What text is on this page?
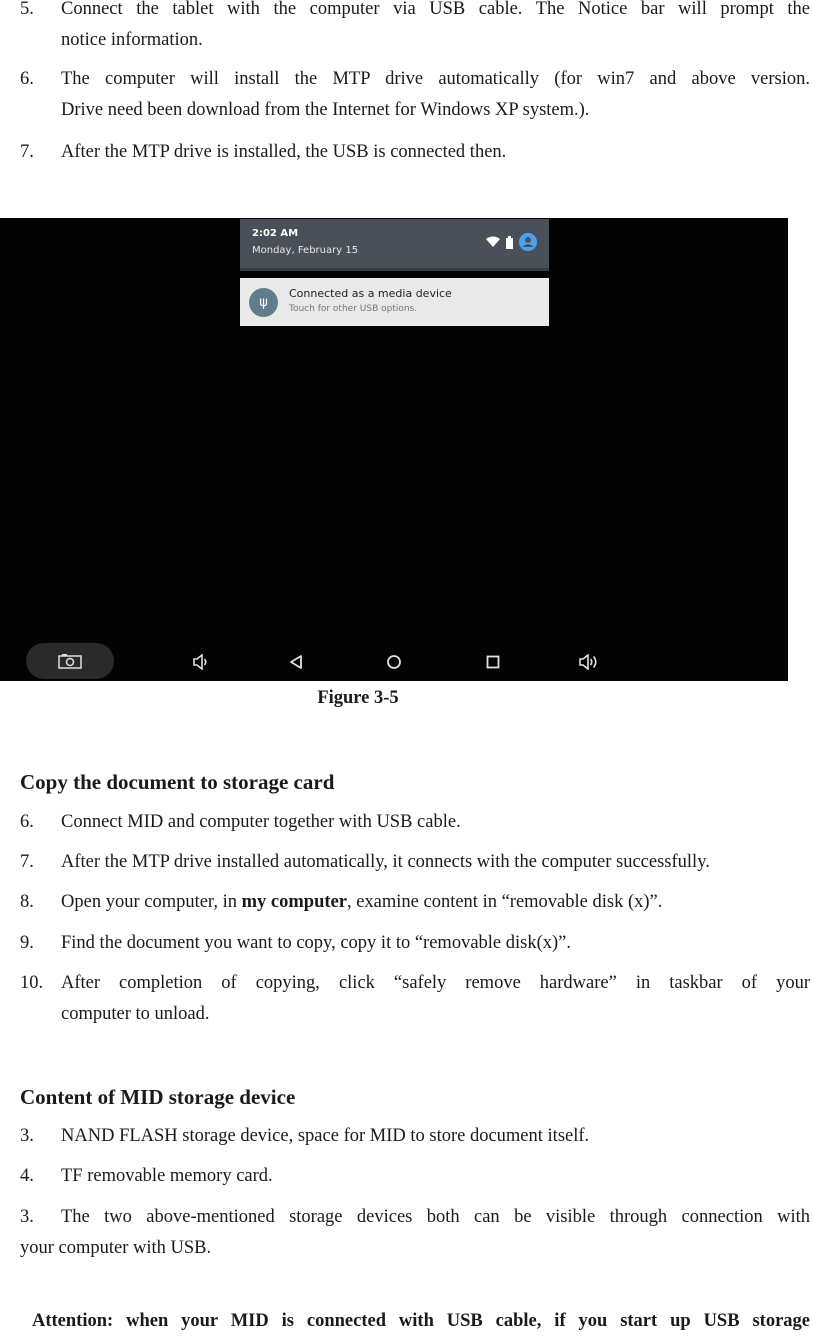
5.	Connect the tablet with the computer via USB cable. The Notice bar will prompt the
notice information.
6.	The computer will install the MTP drive automatically (for win7 and above version.
Drive need been download from the Internet for Windows XP system.).
7.	After the MTP drive is installed, the USB is connected then.
2:02 AM
Monday, February 15
ψ
Connected as a media device
Touch for other USB options.
Figure 3-5
Copy the document to storage card
6.	Connect MID and computer together with USB cable.
7.	After the MTP drive installed automatically, it connects with the computer successfully.
8.	Open your computer, in my computer, examine content in “removable disk (x)”.
9.	Find the document you want to copy, copy it to “removable disk(x)”.
10. After completion of copying, click “safely remove hardware” in taskbar of your
computer to unload.
Content of MID storage device
3.	NAND FLASH storage device, space for MID to store document itself.
4.	TF removable memory card.
3.	The two above-mentioned storage devices both can be visible through connection with
your computer with USB.
Attention: when your MID is connected with USB cable, if you start up USB storage
